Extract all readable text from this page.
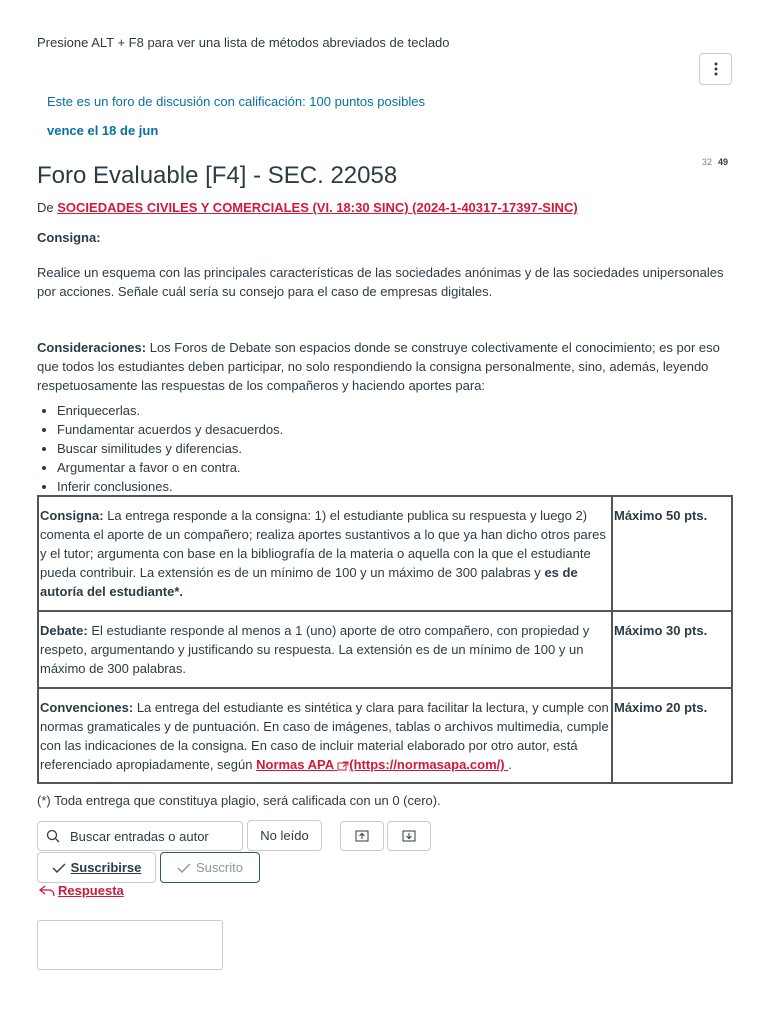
Presione ALT + F8 para ver una lista de métodos abreviados de teclado
Este es un foro de discusión con calificación: 100 puntos posibles
vence el 18 de jun
32 49
Foro Evaluable [F4] - SEC. 22058
De SOCIEDADES CIVILES Y COMERCIALES (VI. 18:30 SINC) (2024-1-40317-17397-SINC)

Consigna:

Realice un esquema con las principales características de las sociedades anónimas y de las sociedades unipersonales por acciones. Señale cuál sería su consejo para el caso de empresas digitales.

Consideraciones: Los Foros de Debate son espacios donde se construye colectivamente el conocimiento; es por eso que todos los estudiantes deben participar, no solo respondiendo la consigna personalmente, sino, además, leyendo respetuosamente las respuestas de los compañeros y haciendo aportes para:

• Enriquecerlas.
• Fundamentar acuerdos y desacuerdos.
• Buscar similitudes y diferencias.
• Argumentar a favor o en contra.
• Inferir conclusiones.
Consigna: La entrega responde a la consigna: 1) el estudiante publica su respuesta y luego 2) comenta el aporte de un compañero; realiza aportes sustantivos a lo que ya han dicho otros pares y el tutor; argumenta con base en la bibliografía de la materia o aquella con la que el estudiante pueda contribuir. La extensión es de un mínimo de 100 y un máximo de 300 palabras y es de autoría del estudiante*.	Máximo 50 pts.
Debate: El estudiante responde al menos a 1 (uno) aporte de otro compañero, con propiedad y respeto, argumentando y justificando su respuesta. La extensión es de un mínimo de 100 y un máximo de 300 palabras.	Máximo 30 pts.
Convenciones: La entrega del estudiante es sintética y clara para facilitar la lectura, y cumple con normas gramaticales y de puntuación. En caso de imágenes, tablas o archivos multimedia, cumple con las indicaciones de la consigna. En caso de incluir material elaborado por otro autor, está referenciado apropiadamente, según Normas APA (https://normasapa.com/) .	Máximo 20 pts.
(*) Toda entrega que constituya plagio, será calificada con un 0 (cero).
Buscar entradas o autor
No leído
Suscribirse	Suscrito
Respuesta
